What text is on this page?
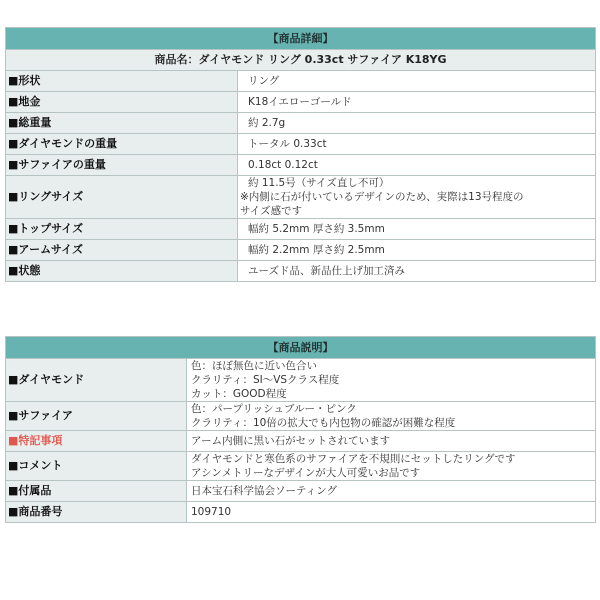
【商品詳細】	
商品名：ダイヤモンド リング 0.33ct サファイア K18YG	
■形状	リング

■地金	K18イエローゴールド

■総重量	約 2.7g

■ダイヤモンドの重量	トータル 0.33ct

■サファイアの重量	0.18ct 0.12ct

■リングサイズ	約 11.5号（サイズ直し不可）
※内側に石が付いているデザインのため、実際は13号程度の
サイズ感です

■トップサイズ	幅約 5.2mm 厚さ約 3.5mm

■アームサイズ	幅約 2.2mm 厚さ約 2.5mm

■状態	ユーズド品、新品仕上げ加工済み
【商品説明】	
■ダイヤモンド	色：ほぼ無色に近い色合い
クラリティ：SI～VSクラス程度
カット：GOOD程度

■サファイア	色：パープリッシュブルー・ピンク
クラリティ：10倍の拡大でも内包物の確認が困難な程度

■特記事項	アーム内側に黒い石がセットされています

■コメント	ダイヤモンドと寒色系のサファイアを不規則にセットしたリングです
アシンメトリーなデザインが大人可愛いお品です

■付属品	日本宝石科学協会ソーティング

■商品番号	109710
